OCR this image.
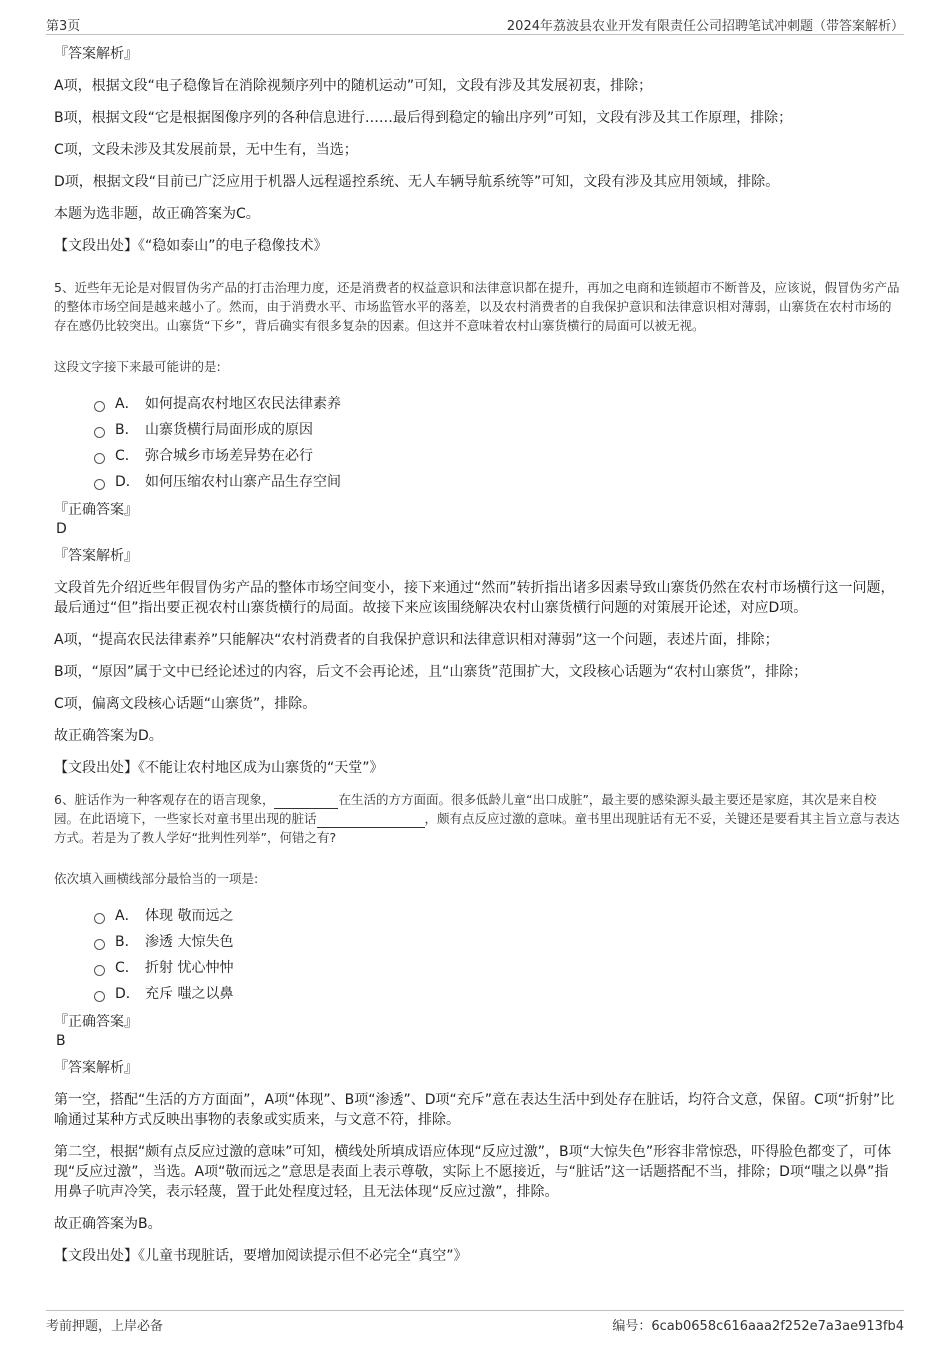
第3页	2024年荔波县农业开发有限责任公司招聘笔试冲刺题（带答案解析）

『答案解析』

A项，根据文段“电子稳像旨在消除视频序列中的随机运动”可知，文段有涉及其发展初衷，排除；

B项，根据文段“它是根据图像序列的各种信息进行……最后得到稳定的输出序列”可知，文段有涉及其工作原理，排除；

C项，文段未涉及其发展前景，无中生有，当选；

D项，根据文段“目前已广泛应用于机器人远程遥控系统、无人车辆导航系统等”可知，文段有涉及其应用领域，排除。

本题为选非题，故正确答案为C。

【文段出处】《“稳如泰山”的电子稳像技术》

5、近些年无论是对假冒伪劣产品的打击治理力度，还是消费者的权益意识和法律意识都在提升，再加之电商和连锁超市不断普及，应该说，假冒伪劣产品的整体市场空间是越来越小了。然而，由于消费水平、市场监管水平的落差，以及农村消费者的自我保护意识和法律意识相对薄弱，山寨货在农村市场的存在感仍比较突出。山寨货“下乡”，背后确实有很多复杂的因素。但这并不意味着农村山寨货横行的局面可以被无视。

这段文字接下来最可能讲的是:

A． 如何提高农村地区农民法律素养
B． 山寨货横行局面形成的原因
C． 弥合城乡市场差异势在必行
D． 如何压缩农村山寨产品生存空间

『正确答案』

D

『答案解析』

文段首先介绍近些年假冒伪劣产品的整体市场空间变小，接下来通过“然而”转折指出诸多因素导致山寨货仍然在农村市场横行这一问题，最后通过“但”指出要正视农村山寨货横行的局面。故接下来应该围绕解决农村山寨货横行问题的对策展开论述，对应D项。

A项，“提高农民法律素养”只能解决“农村消费者的自我保护意识和法律意识相对薄弱”这一个问题，表述片面，排除；

B项，“原因”属于文中已经论述过的内容，后文不会再论述，且“山寨货”范围扩大，文段核心话题为“农村山寨货”，排除；

C项，偏离文段核心话题“山寨货”，排除。

故正确答案为D。

【文段出处】《不能让农村地区成为山寨货的“天堂”》

6、脏话作为一种客观存在的语言现象，	在生活的方方面面。很多低龄儿童“出口成脏”，最主要的感染源头最主要还是家庭，其次是来自校园。在此语境下，一些家长对童书里出现的脏话	，颇有点反应过激的意味。童书里出现脏话有无不妥，关键还是要看其主旨立意与表达方式。若是为了教人学好“批判性列举”，何错之有?

依次填入画横线部分最恰当的一项是:

A． 体现 敬而远之
B． 渗透 大惊失色
C． 折射 忧心忡忡
D． 充斥 嗤之以鼻

『正确答案』

B

『答案解析』

第一空，搭配“生活的方方面面”，A项“体现”、B项“渗透”、D项“充斥”意在表达生活中到处存在脏话，均符合文意，保留。C项“折射”比喻通过某种方式反映出事物的表象或实质来，与文意不符，排除。

第二空，根据“颇有点反应过激的意味”可知，横线处所填成语应体现“反应过激”，B项“大惊失色”形容非常惊恐，吓得脸色都变了，可体现“反应过激”，当选。A项“敬而远之”意思是表面上表示尊敬，实际上不愿接近，与“脏话”这一话题搭配不当，排除；D项“嗤之以鼻”指用鼻子吭声冷笑，表示轻蔑，置于此处程度过轻，且无法体现“反应过激”，排除。

故正确答案为B。

【文段出处】《儿童书现脏话，要增加阅读提示但不必完全“真空”》

考前押题，上岸必备	编号：6cab0658c616aaa2f252e7a3ae913fb4
